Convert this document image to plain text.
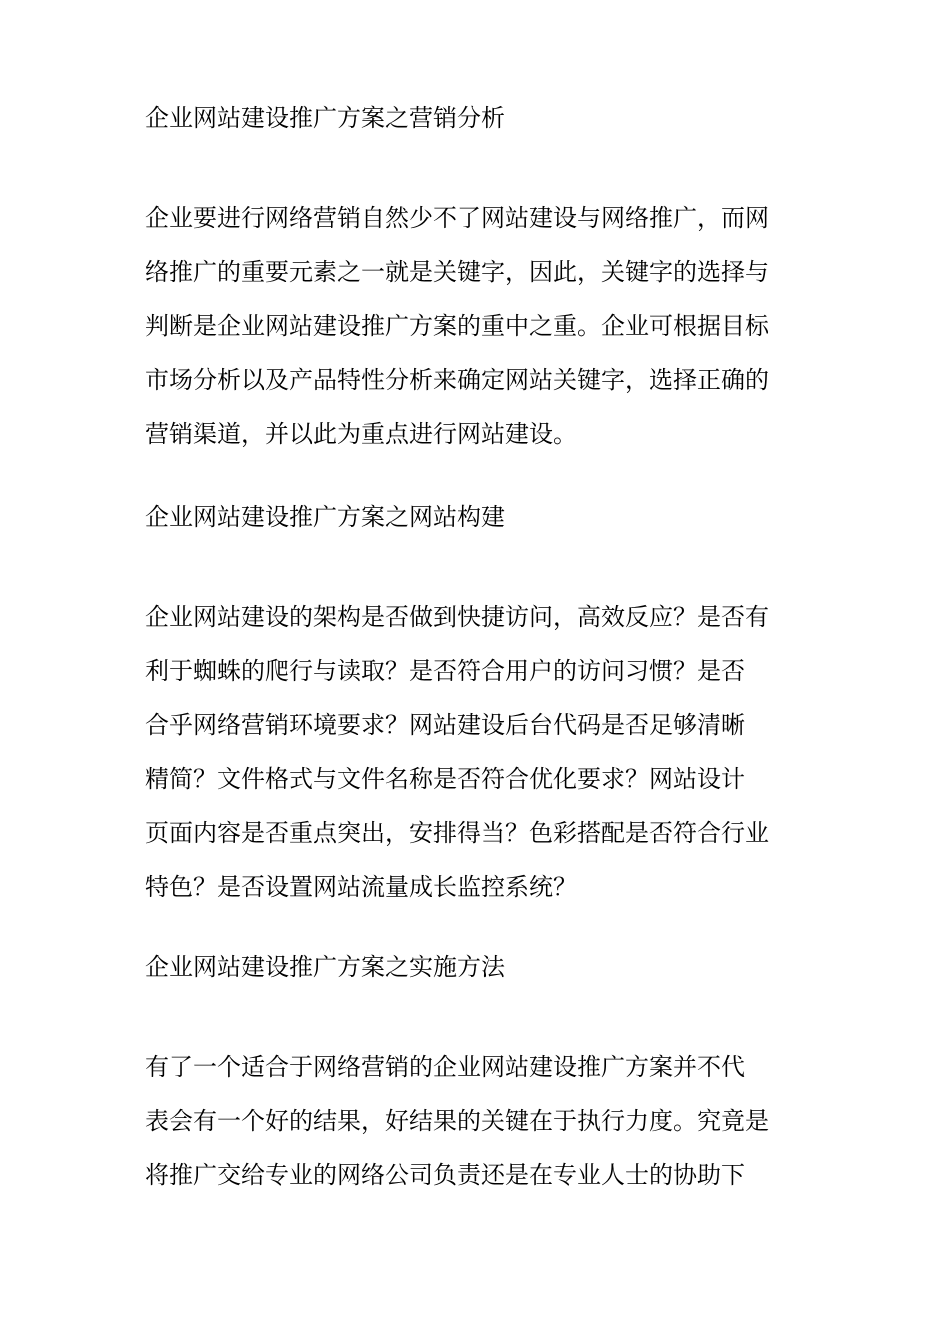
企业网站建设推广方案之营销分析
企业要进行网络营销自然少不了网站建设与网络推广，而网
络推广的重要元素之一就是关键字，因此，关键字的选择与
判断是企业网站建设推广方案的重中之重。企业可根据目标
市场分析以及产品特性分析来确定网站关键字，选择正确的
营销渠道，并以此为重点进行网站建设。
企业网站建设推广方案之网站构建
企业网站建设的架构是否做到快捷访问，高效反应？是否有
利于蜘蛛的爬行与读取？是否符合用户的访问习惯？是否
合乎网络营销环境要求？网站建设后台代码是否足够清晰
精简？文件格式与文件名称是否符合优化要求？网站设计
页面内容是否重点突出，安排得当？色彩搭配是否符合行业
特色？是否设置网站流量成长监控系统？
企业网站建设推广方案之实施方法
有了一个适合于网络营销的企业网站建设推广方案并不代
表会有一个好的结果，好结果的关键在于执行力度。究竟是
将推广交给专业的网络公司负责还是在专业人士的协助下
